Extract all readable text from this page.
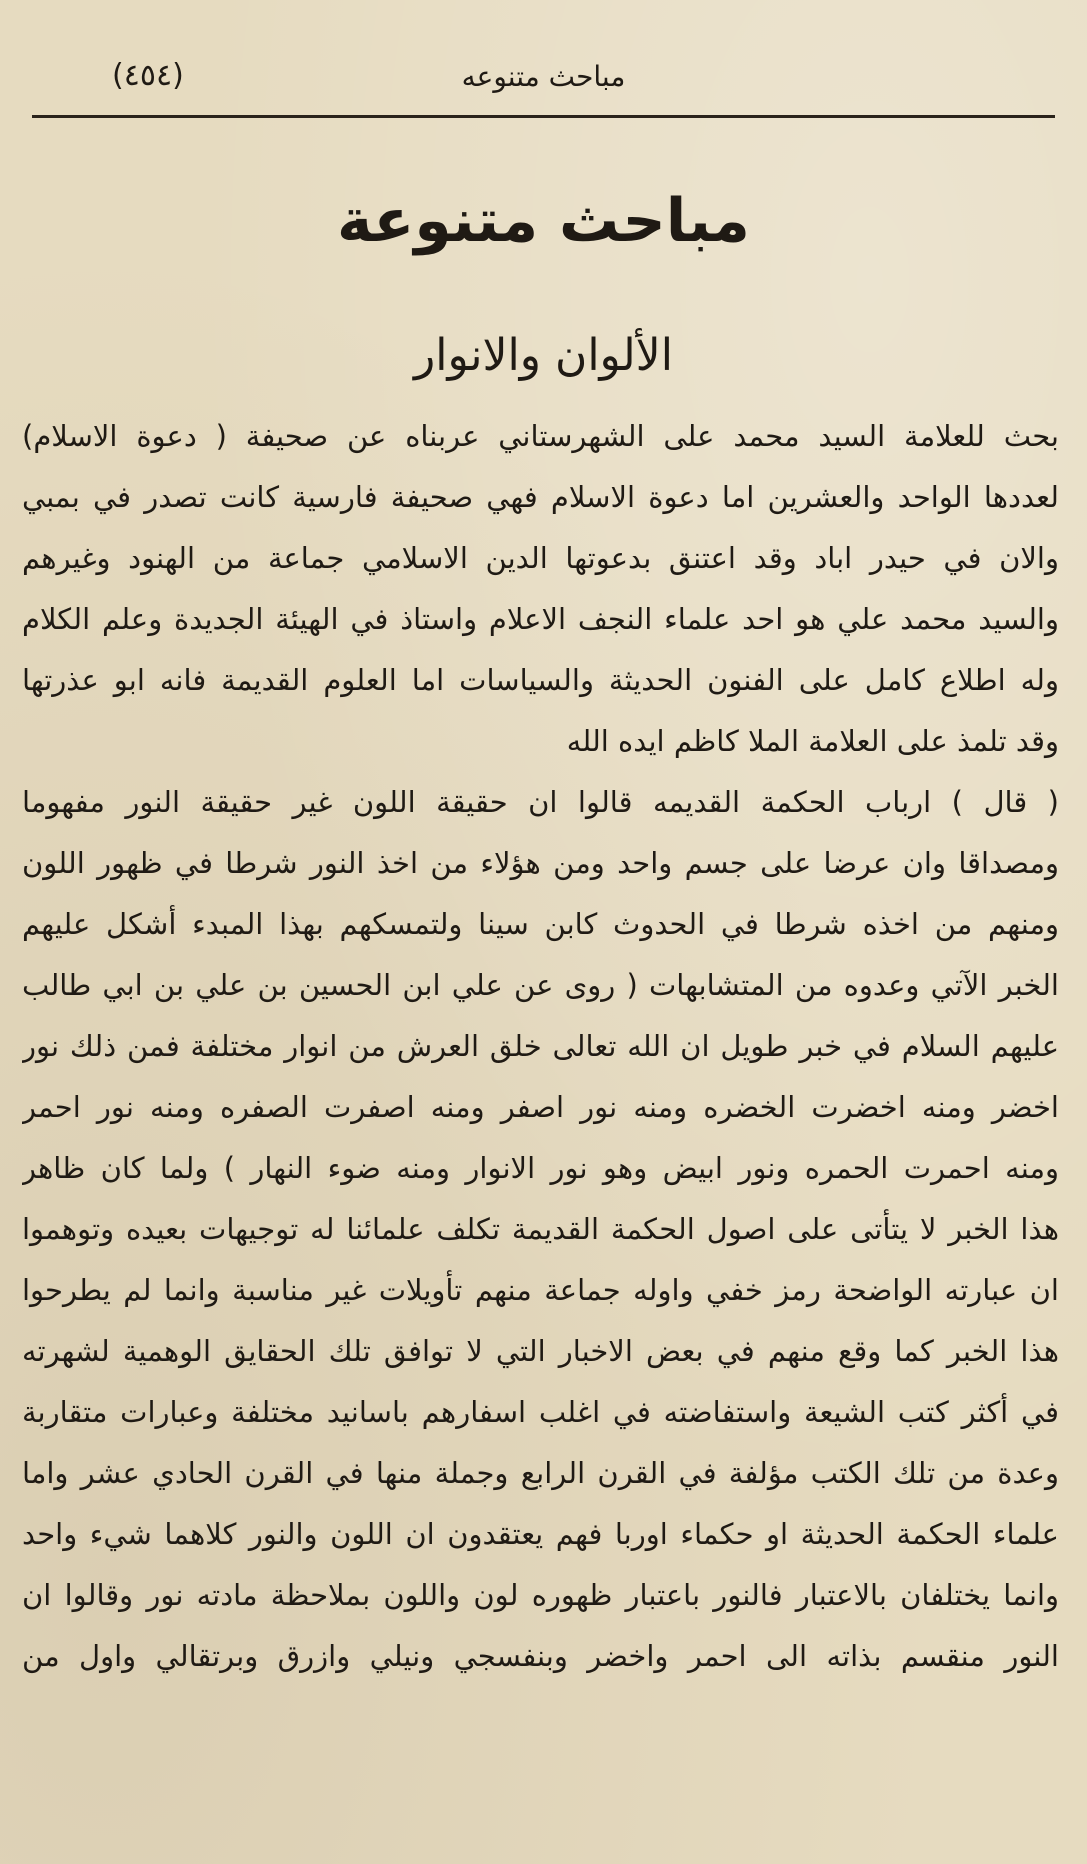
مباحث متنوعه
(٤٥٤)
مباحث متنوعة
الألوان والانوار
بحث للعلامة السيد محمد على الشهرستاني عربناه عن صحيفة ( دعوة الاسلام)
لعددها الواحد والعشرين اما دعوة الاسلام فهي صحيفة فارسية كانت تصدر في بمبي
والان في حيدر اباد وقد اعتنق بدعوتها الدين الاسلامي جماعة من الهنود وغيرهم
والسيد محمد علي هو احد علماء النجف الاعلام واستاذ في الهيئة الجديدة وعلم الكلام
وله اطلاع كامل على الفنون الحديثة والسياسات اما العلوم القديمة فانه ابو عذرتها
وقد تلمذ على العلامة الملا كاظم ايده الله
( قال ) ارباب الحكمة القديمه قالوا ان حقيقة اللون غير حقيقة النور مفهوما
ومصداقا وان عرضا على جسم واحد ومن هؤلاء من اخذ النور شرطا في ظهور اللون
ومنهم من اخذه شرطا في الحدوث كابن سينا ولتمسكهم بهذا المبدء أشكل عليهم
الخبر الآتي وعدوه من المتشابهات ( روى عن علي ابن الحسين بن علي بن ابي طالب
عليهم السلام في خبر طويل ان الله تعالى خلق العرش من انوار مختلفة فمن ذلك نور
اخضر ومنه اخضرت الخضره ومنه نور اصفر ومنه اصفرت الصفره ومنه نور احمر
ومنه احمرت الحمره ونور ابيض وهو نور الانوار ومنه ضوء النهار ) ولما كان ظاهر
هذا الخبر لا يتأتى على اصول الحكمة القديمة تكلف علمائنا له توجيهات بعيده وتوهموا
ان عبارته الواضحة رمز خفي واوله جماعة منهم تأويلات غير مناسبة وانما لم يطرحوا
هذا الخبر كما وقع منهم في بعض الاخبار التي لا توافق تلك الحقايق الوهمية لشهرته
في أكثر كتب الشيعة واستفاضته في اغلب اسفارهم باسانيد مختلفة وعبارات متقاربة
وعدة من تلك الكتب مؤلفة في القرن الرابع وجملة منها في القرن الحادي عشر واما
علماء الحكمة الحديثة او حكماء اوربا فهم يعتقدون ان اللون والنور كلاهما شيء واحد
وانما يختلفان بالاعتبار فالنور باعتبار ظهوره لون واللون بملاحظة مادته نور وقالوا ان
النور منقسم بذاته الى احمر واخضر وبنفسجي ونيلي وازرق وبرتقالي واول من
